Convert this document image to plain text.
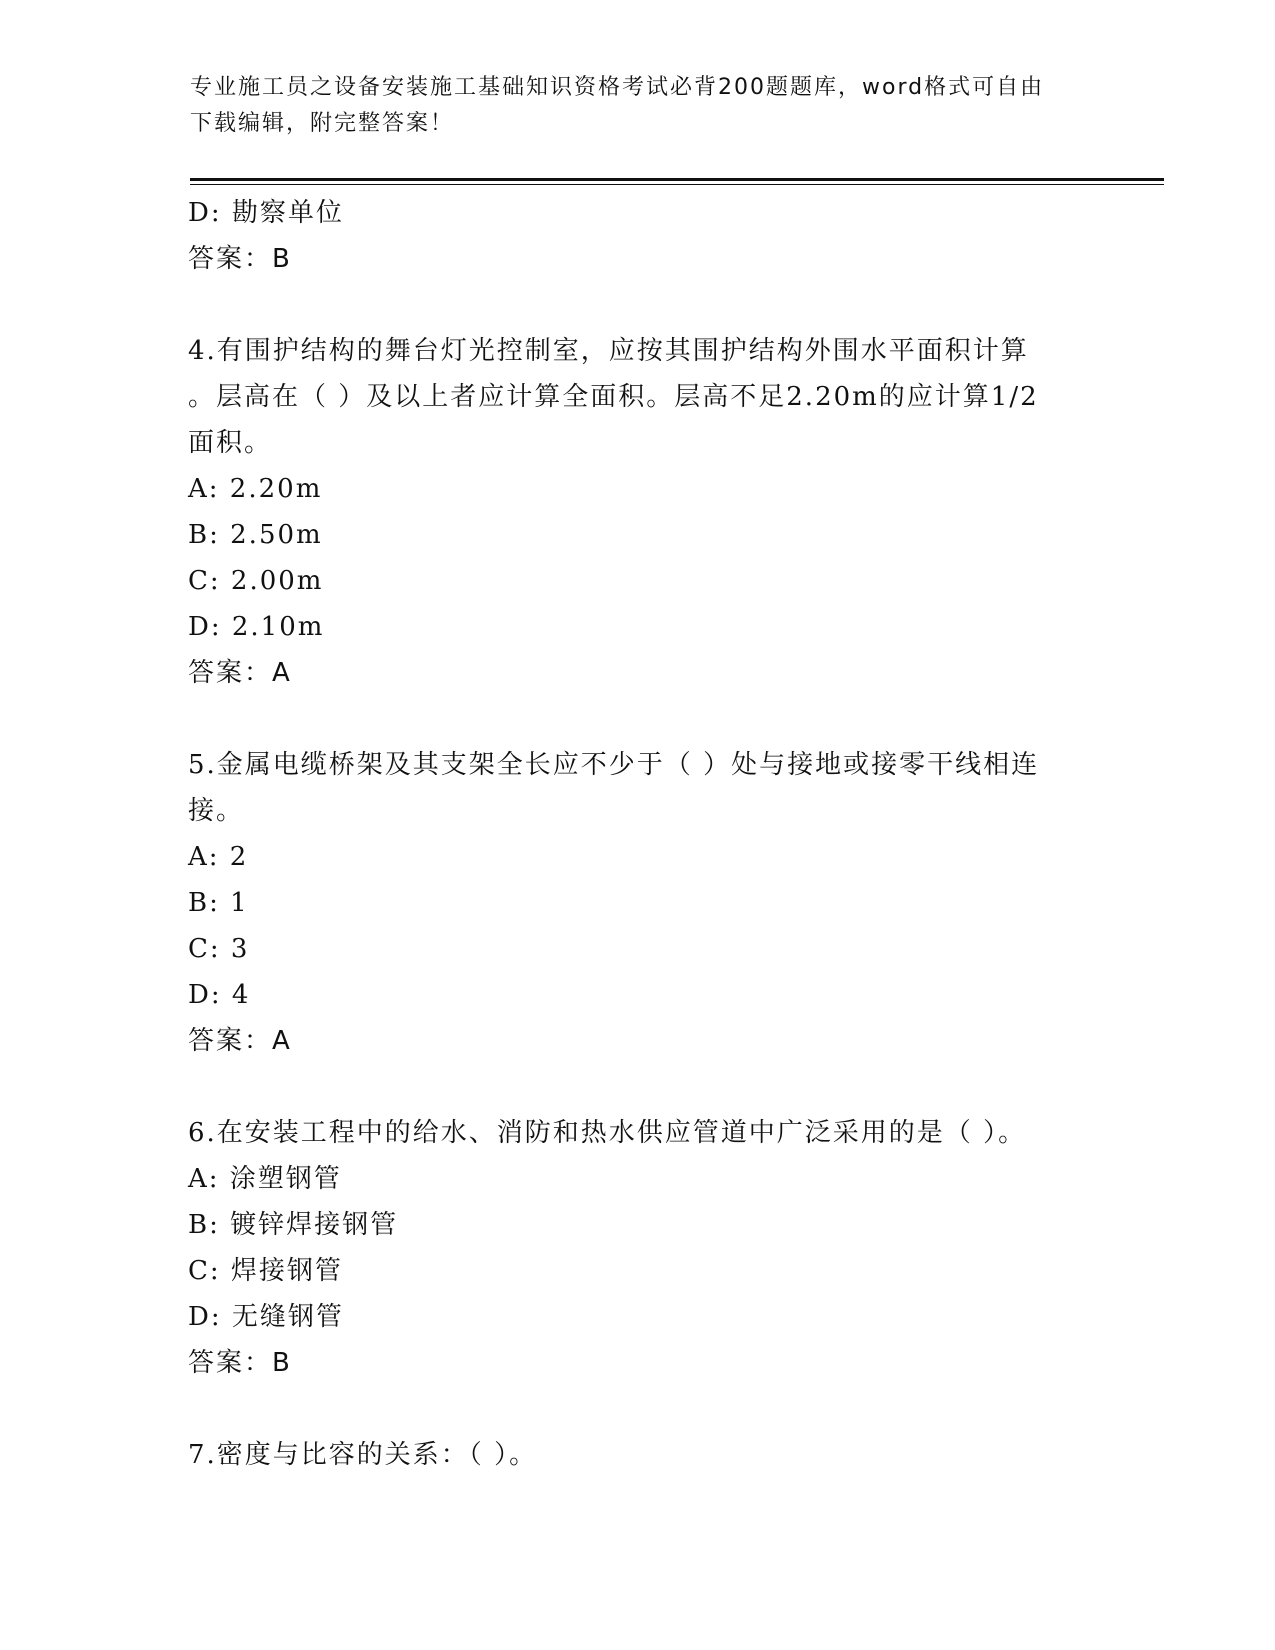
专业施工员之设备安装施工基础知识资格考试必背200题题库，word格式可自由
下载编辑，附完整答案！
D: 勘察单位
答案：B
4.有围护结构的舞台灯光控制室，应按其围护结构外围水平面积计算
。层高在（ ）及以上者应计算全面积。层高不足2.20m的应计算1/2
面积。
A: 2.20m
B: 2.50m
C: 2.00m
D: 2.10m
答案：A
5.金属电缆桥架及其支架全长应不少于（ ）处与接地或接零干线相连
接。
A: 2
B: 1
C: 3
D: 4
答案：A
6.在安装工程中的给水、消防和热水供应管道中广泛采用的是（ ）。
A: 涂塑钢管
B: 镀锌焊接钢管
C: 焊接钢管
D: 无缝钢管
答案：B
7.密度与比容的关系：（ ）。
